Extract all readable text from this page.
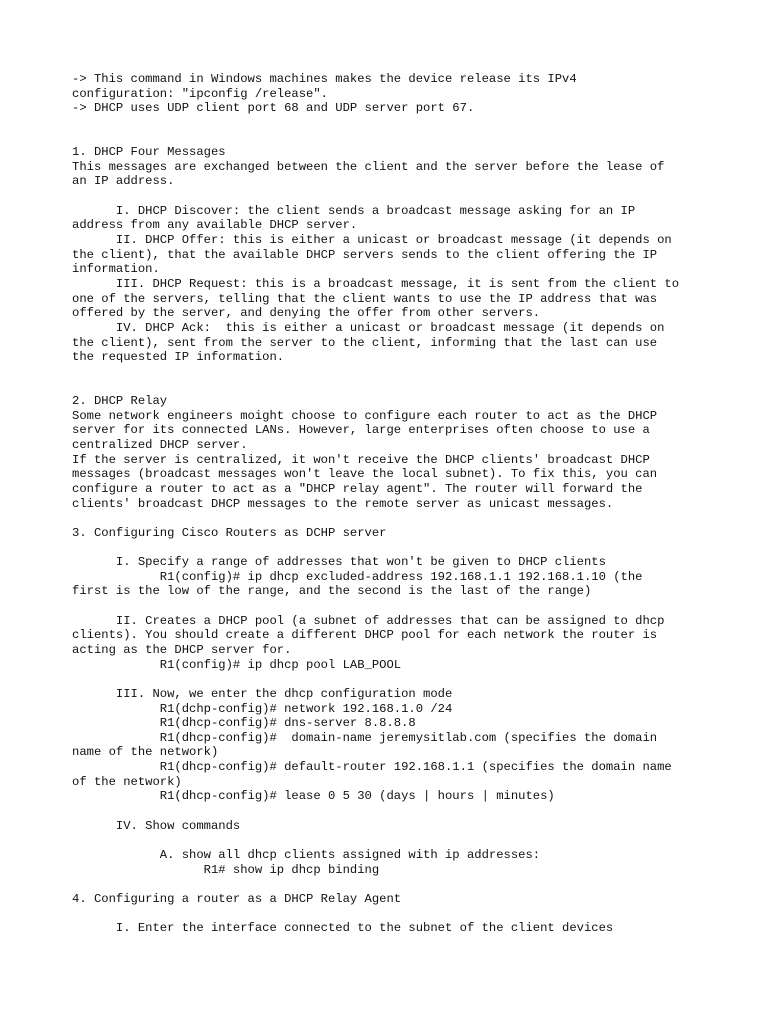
-> This command in Windows machines makes the device release its IPv4
configuration: "ipconfig /release".
-> DHCP uses UDP client port 68 and UDP server port 67.
1. DHCP Four Messages
This messages are exchanged between the client and the server before the lease of
an IP address.
I. DHCP Discover: the client sends a broadcast message asking for an IP
address from any available DHCP server.
II. DHCP Offer: this is either a unicast or broadcast message (it depends on
the client), that the available DHCP servers sends to the client offering the IP
information.
III. DHCP Request: this is a broadcast message, it is sent from the client to
one of the servers, telling that the client wants to use the IP address that was
offered by the server, and denying the offer from other servers.
IV. DHCP Ack:  this is either a unicast or broadcast message (it depends on
the client), sent from the server to the client, informing that the last can use
the requested IP information.
2. DHCP Relay
Some network engineers moight choose to configure each router to act as the DHCP
server for its connected LANs. However, large enterprises often choose to use a
centralized DHCP server.
If the server is centralized, it won't receive the DHCP clients' broadcast DHCP
messages (broadcast messages won't leave the local subnet). To fix this, you can
configure a router to act as a "DHCP relay agent". The router will forward the
clients' broadcast DHCP messages to the remote server as unicast messages.
3. Configuring Cisco Routers as DCHP server
I. Specify a range of addresses that won't be given to DHCP clients
R1(config)# ip dhcp excluded-address 192.168.1.1 192.168.1.10 (the
first is the low of the range, and the second is the last of the range)
II. Creates a DHCP pool (a subnet of addresses that can be assigned to dhcp
clients). You should create a different DHCP pool for each network the router is
acting as the DHCP server for.
R1(config)# ip dhcp pool LAB_POOL
III. Now, we enter the dhcp configuration mode
R1(dchp-config)# network 192.168.1.0 /24
R1(dhcp-config)# dns-server 8.8.8.8
R1(dhcp-config)#  domain-name jeremysitlab.com (specifies the domain
name of the network)
R1(dhcp-config)# default-router 192.168.1.1 (specifies the domain name
of the network)
R1(dhcp-config)# lease 0 5 30 (days | hours | minutes)
IV. Show commands
A. show all dhcp clients assigned with ip addresses:
R1# show ip dhcp binding
4. Configuring a router as a DHCP Relay Agent
I. Enter the interface connected to the subnet of the client devices
